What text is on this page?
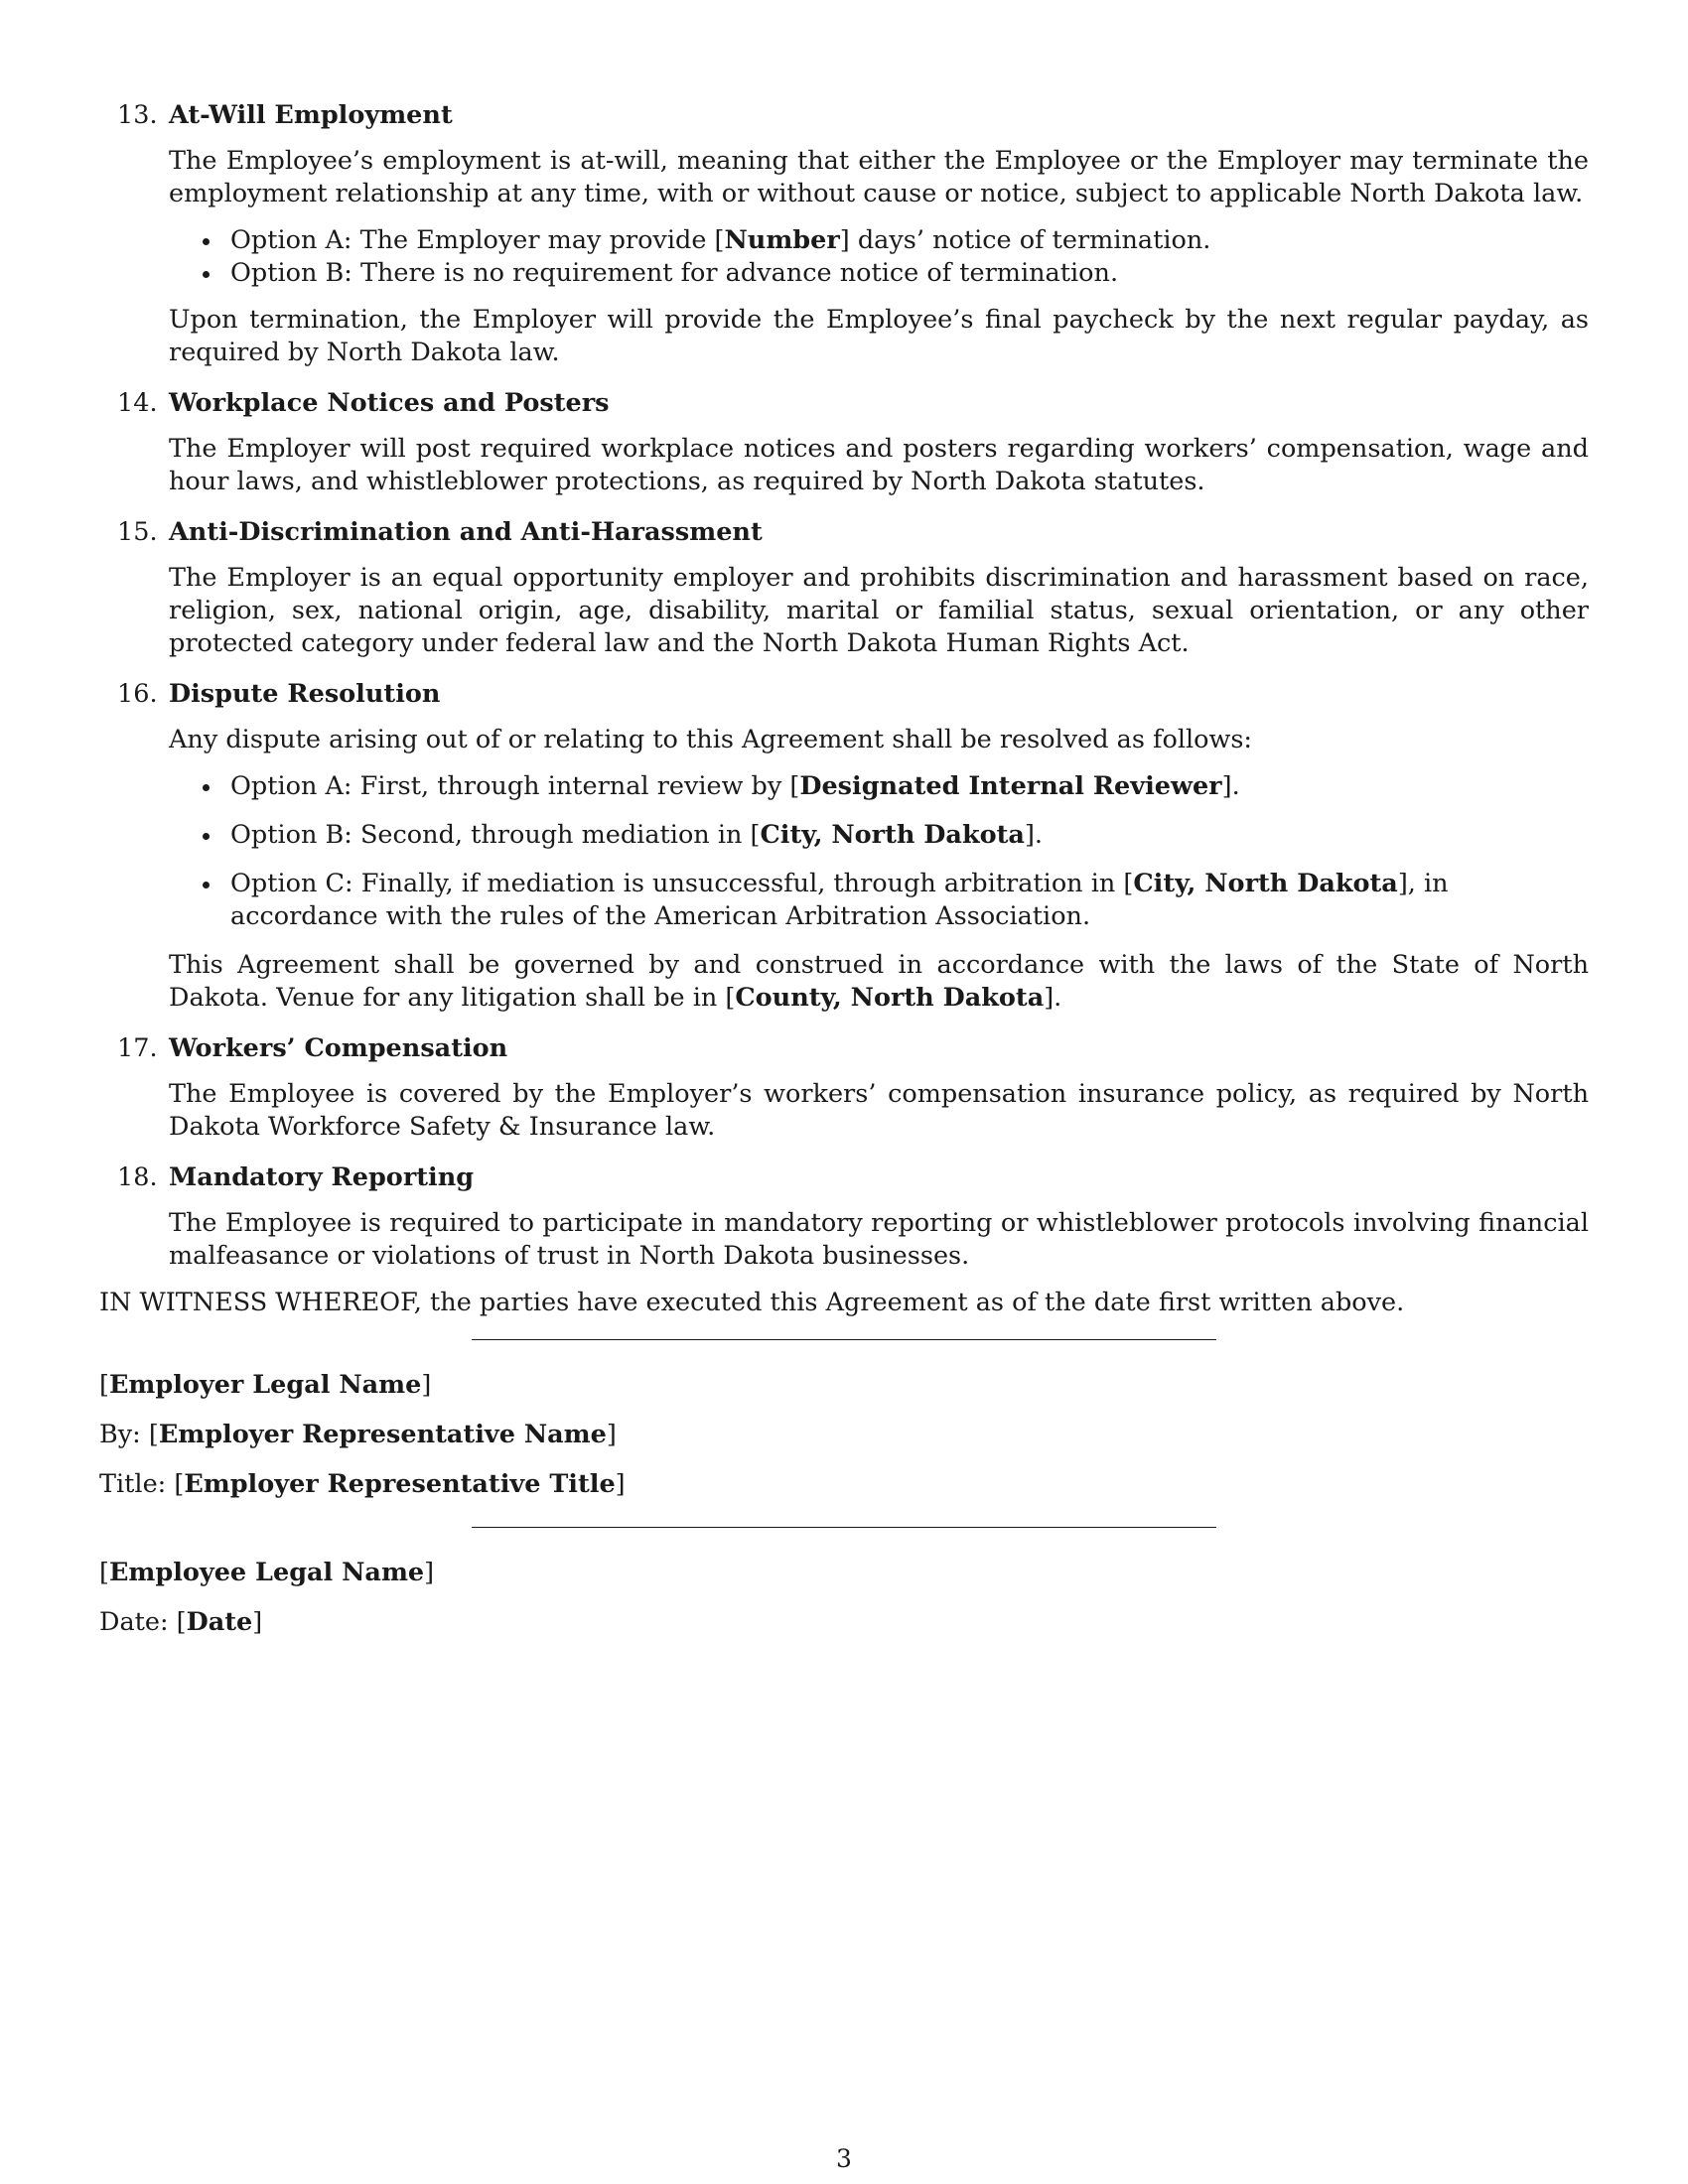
13. At-Will Employment

The Employee’s employment is at-will, meaning that either the Employee or the Employer may terminate the employment relationship at any time, with or without cause or notice, subject to applicable North Dakota law.

Option A: The Employer may provide [Number] days’ notice of termination.
Option B: There is no requirement for advance notice of termination.

Upon termination, the Employer will provide the Employee’s final paycheck by the next regular payday, as required by North Dakota law.

14. Workplace Notices and Posters

The Employer will post required workplace notices and posters regarding workers’ compensation, wage and hour laws, and whistleblower protections, as required by North Dakota statutes.

15. Anti-Discrimination and Anti-Harassment

The Employer is an equal opportunity employer and prohibits discrimination and harassment based on race, religion, sex, national origin, age, disability, marital or familial status, sexual orientation, or any other protected category under federal law and the North Dakota Human Rights Act.

16. Dispute Resolution

Any dispute arising out of or relating to this Agreement shall be resolved as follows:

Option A: First, through internal review by [Designated Internal Reviewer].
Option B: Second, through mediation in [City, North Dakota].
Option C: Finally, if mediation is unsuccessful, through arbitration in [City, North Dakota], in accordance with the rules of the American Arbitration Association.

This Agreement shall be governed by and construed in accordance with the laws of the State of North Dakota. Venue for any litigation shall be in [County, North Dakota].

17. Workers’ Compensation

The Employee is covered by the Employer’s workers’ compensation insurance policy, as required by North Dakota Workforce Safety & Insurance law.

18. Mandatory Reporting

The Employee is required to participate in mandatory reporting or whistleblower protocols involving financial malfeasance or violations of trust in North Dakota businesses.

IN WITNESS WHEREOF, the parties have executed this Agreement as of the date first written above.

[Employer Legal Name]
By: [Employer Representative Name]
Title: [Employer Representative Title]
[Employee Legal Name]
Date: [Date]
3
